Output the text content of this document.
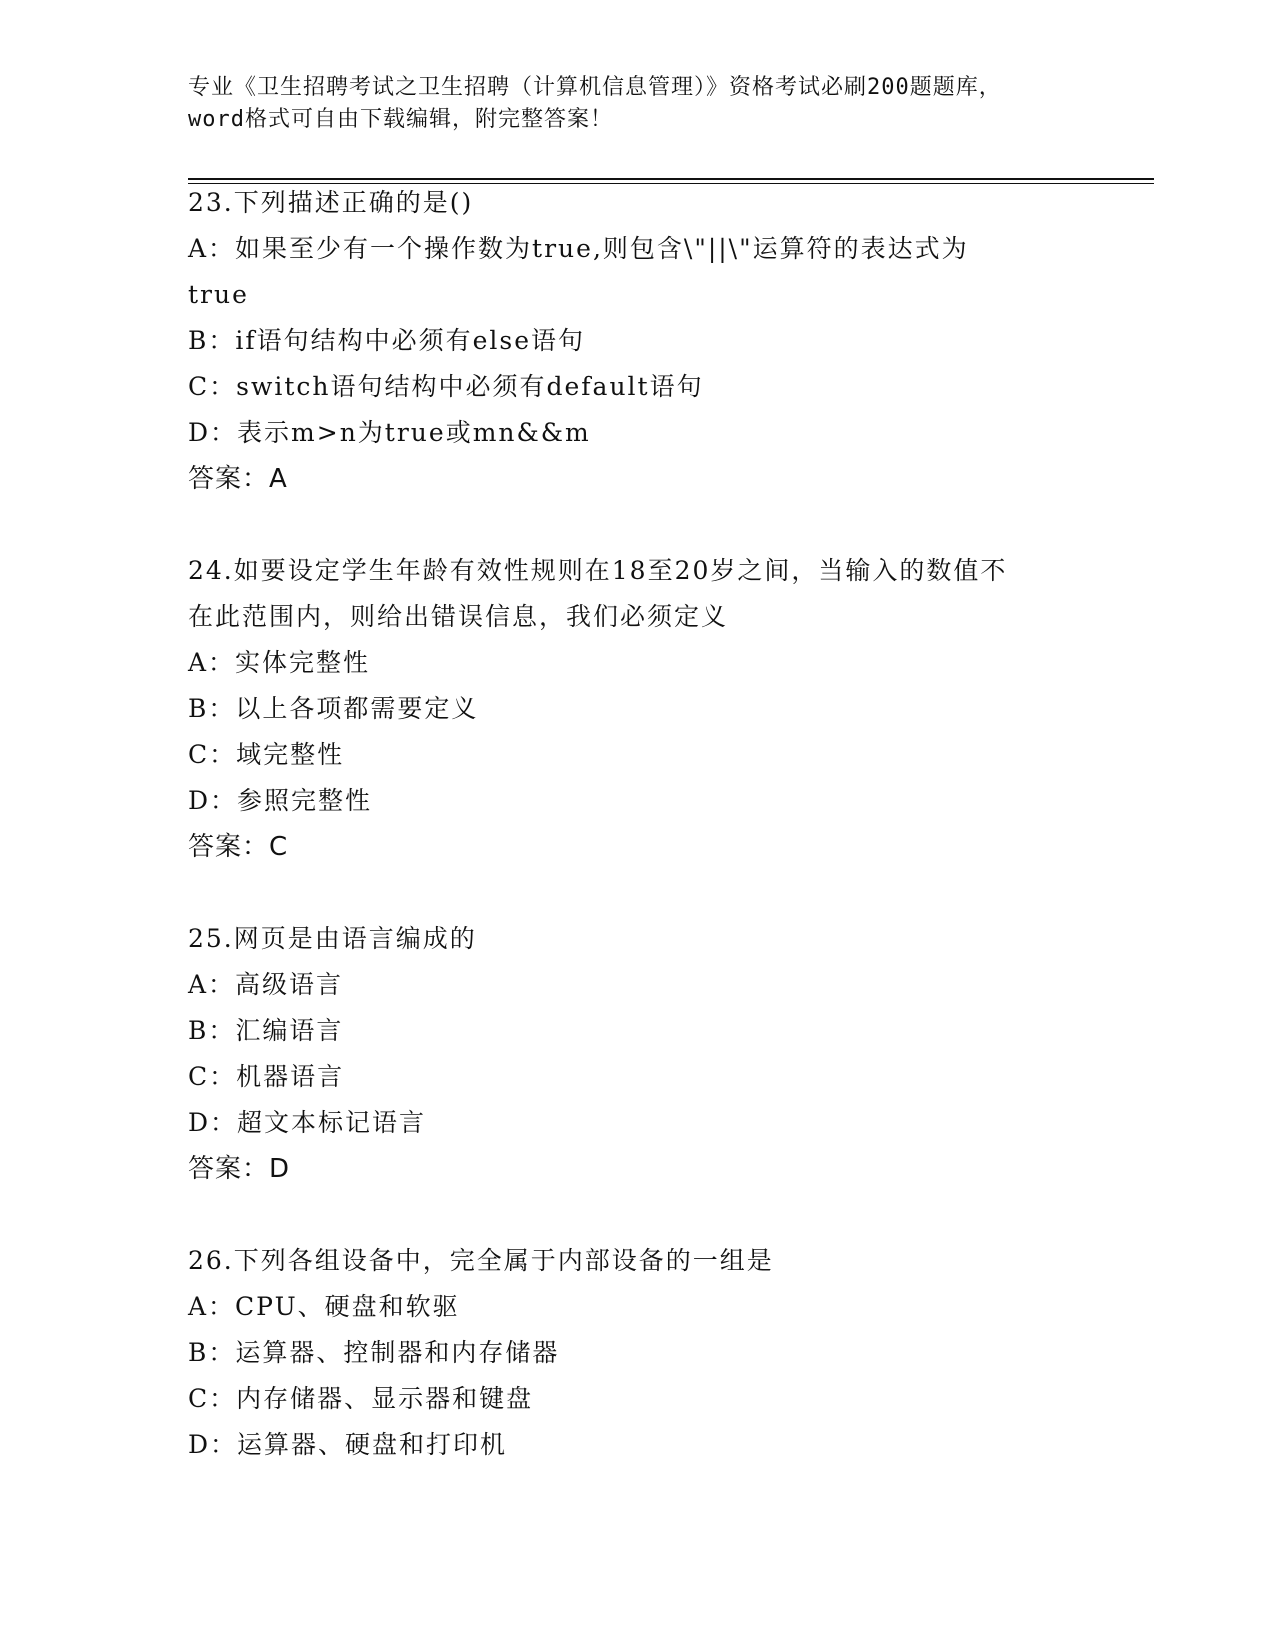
专业《卫生招聘考试之卫生招聘（计算机信息管理）》资格考试必刷200题题库，
word格式可自由下载编辑，附完整答案！
23.下列描述正确的是()
A：如果至少有一个操作数为true,则包含\"||\"运算符的表达式为
true
B：if语句结构中必须有else语句
C：switch语句结构中必须有default语句
D：表示m>n为true或mn&&m
答案：A
24.如要设定学生年龄有效性规则在18至20岁之间，当输入的数值不
在此范围内，则给出错误信息，我们必须定义
A：实体完整性
B：以上各项都需要定义
C：域完整性
D：参照完整性
答案：C
25.网页是由语言编成的
A：高级语言
B：汇编语言
C：机器语言
D：超文本标记语言
答案：D
26.下列各组设备中，完全属于内部设备的一组是
A：CPU、硬盘和软驱
B：运算器、控制器和内存储器
C：内存储器、显示器和键盘
D：运算器、硬盘和打印机
